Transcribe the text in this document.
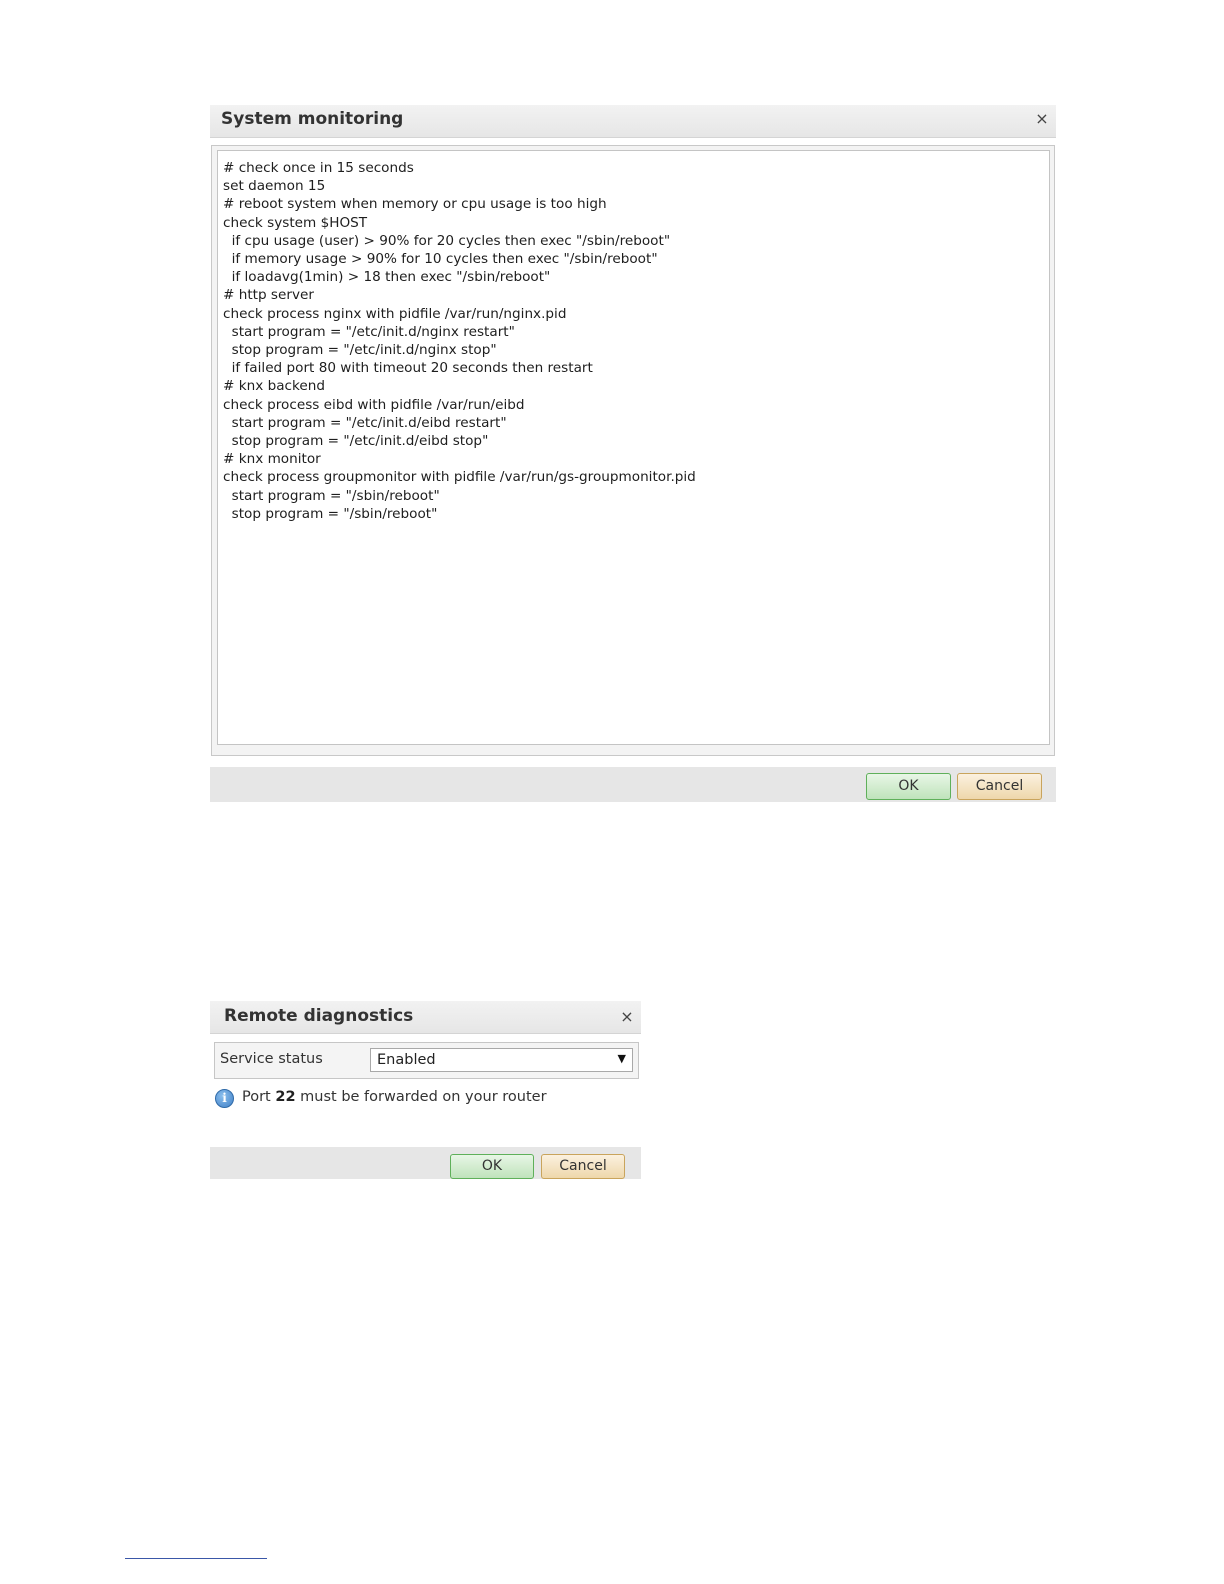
System monitoring	×
# check once in 15 seconds set daemon 15 # reboot system when memory or cpu usage is too high check system $HOST if cpu usage (user) > 90% for 20 cycles then exec "/sbin/reboot" if memory usage > 90% for 10 cycles then exec "/sbin/reboot" if loadavg(1min) > 18 then exec "/sbin/reboot" # http server check process nginx with pidfile /var/run/nginx.pid start program = "/etc/init.d/nginx restart" stop program = "/etc/init.d/nginx stop" if failed port 80 with timeout 20 seconds then restart # knx backend check process eibd with pidfile /var/run/eibd start program = "/etc/init.d/eibd restart" stop program = "/etc/init.d/eibd stop" # knx monitor check process groupmonitor with pidfile /var/run/gs-groupmonitor.pid start program = "/sbin/reboot" stop program = "/sbin/reboot"
OK	Cancel
Remote diagnostics	×
Service status	Enabled	▼
i	Port 22 must be forwarded on your router
OK	Cancel
